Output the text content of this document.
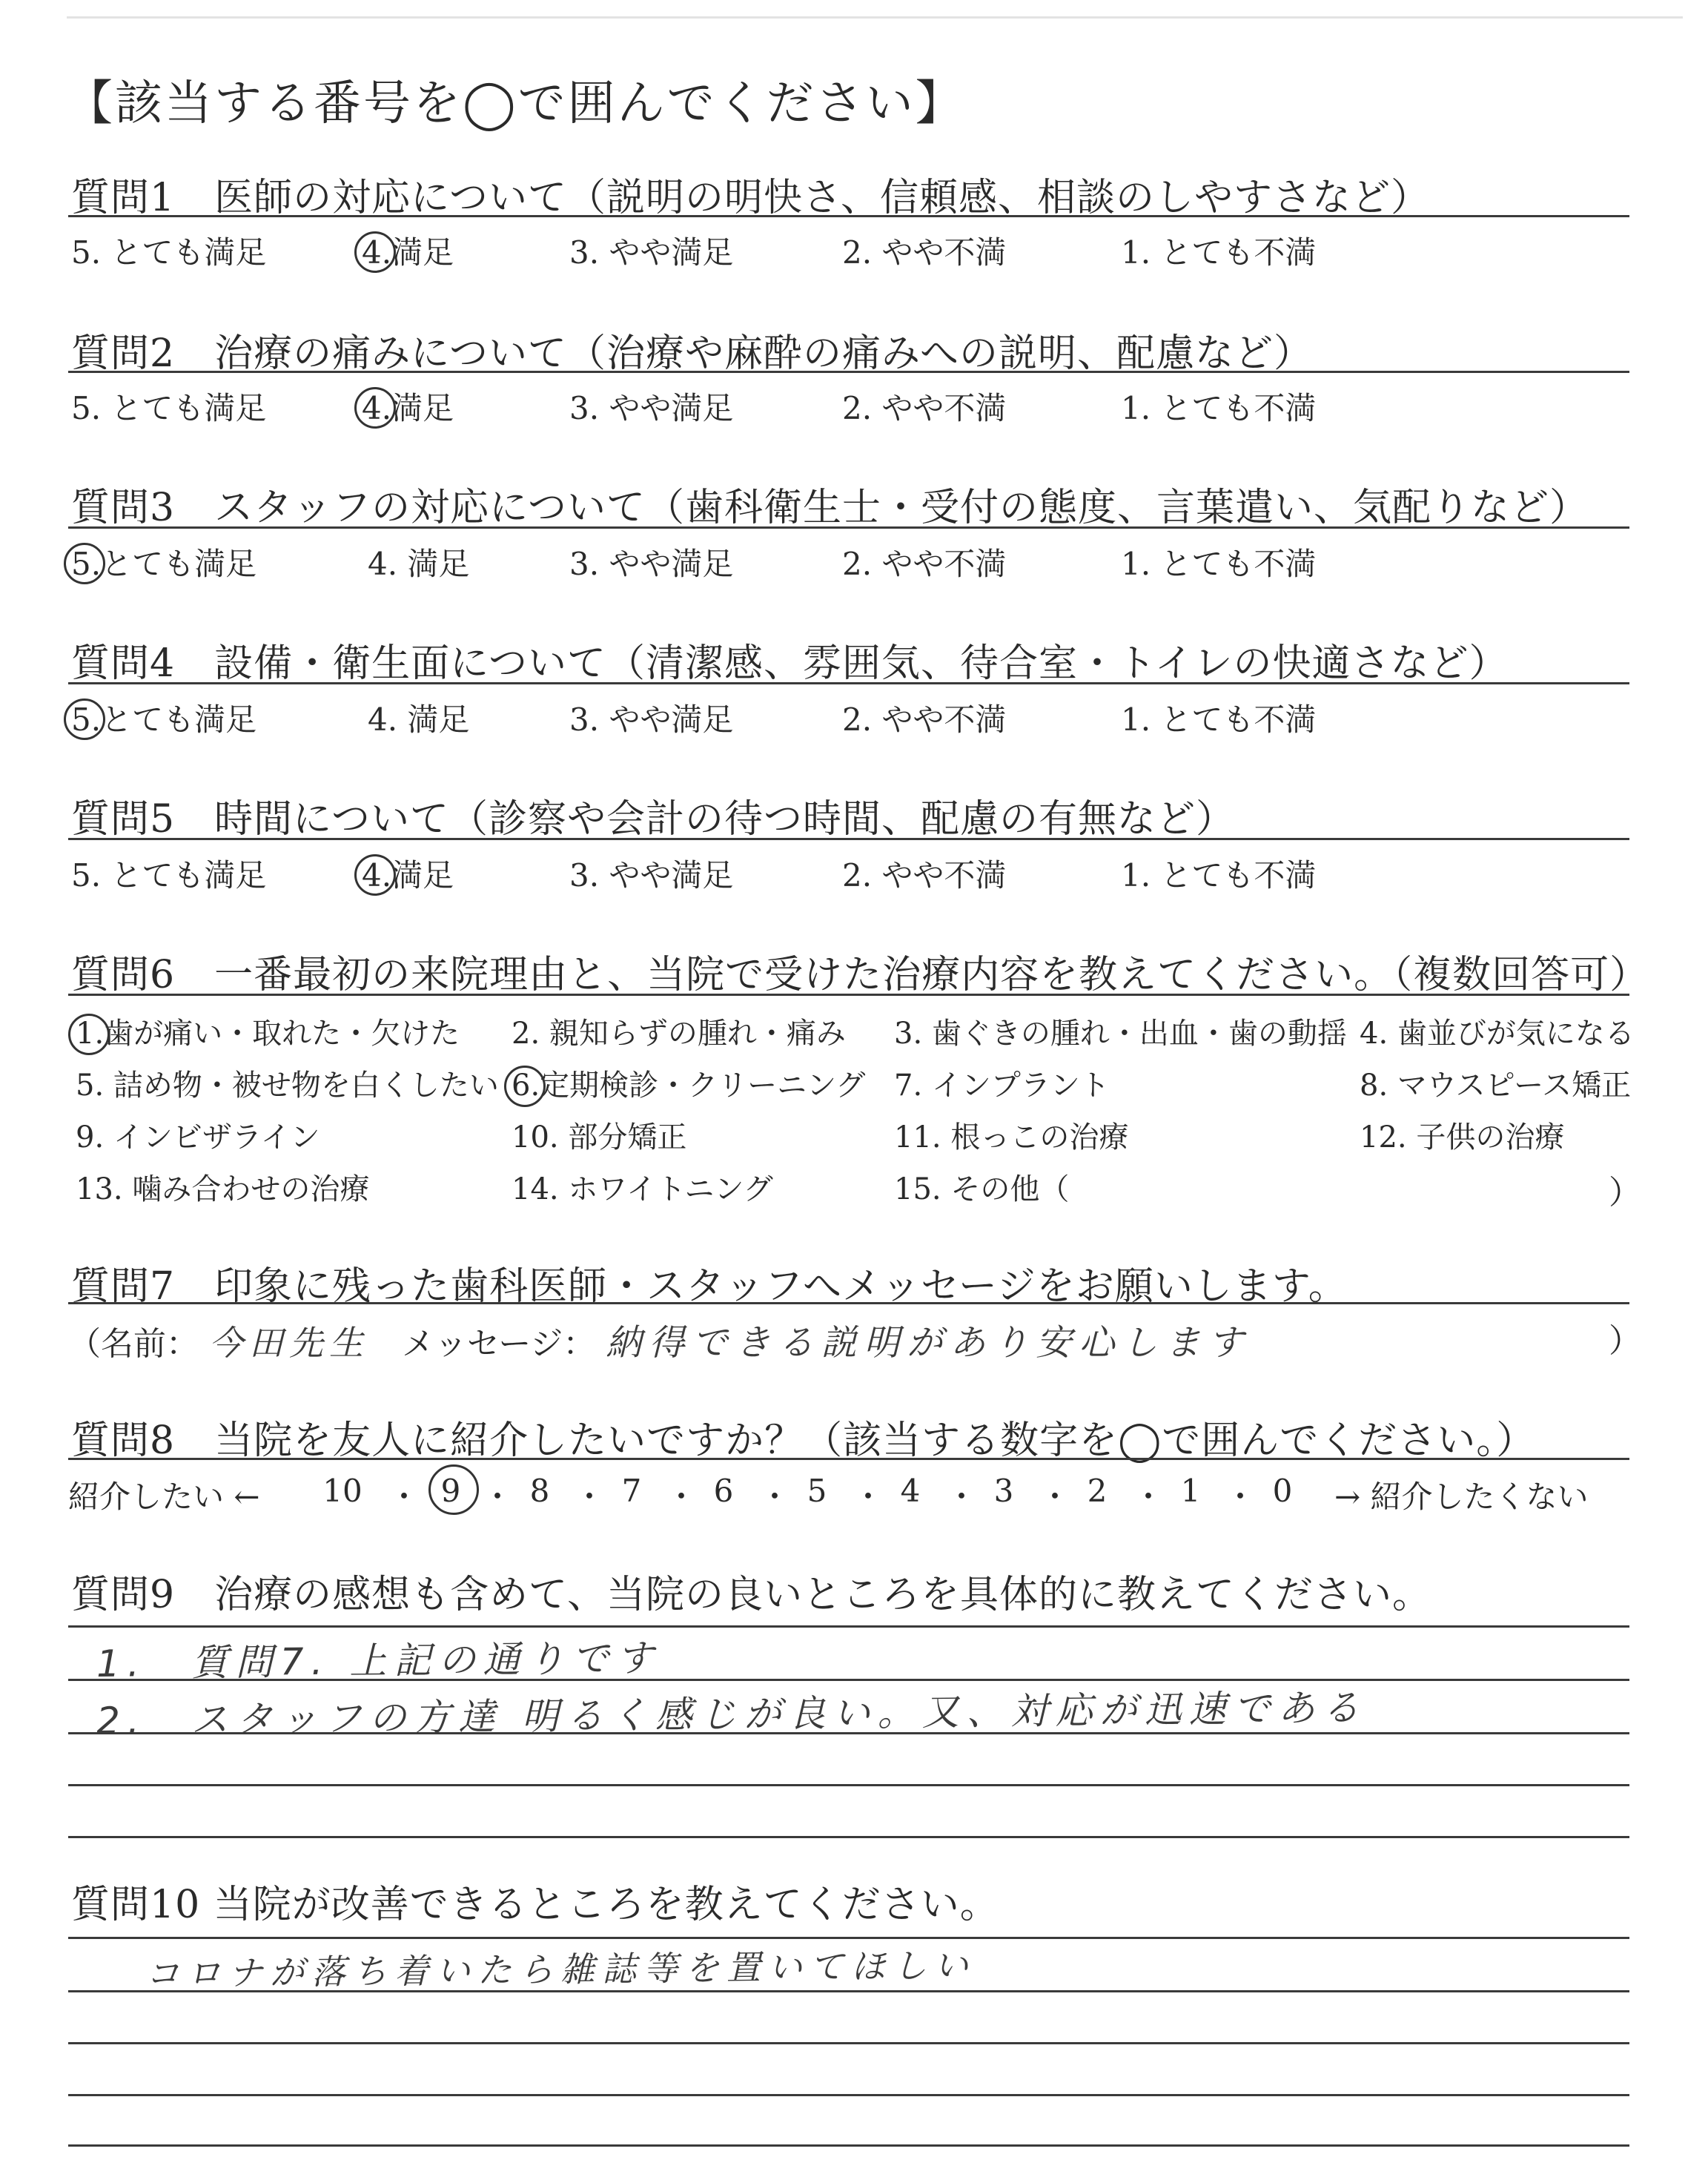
【該当する番号を◯で囲んでください】
質問1　医師の対応について（説明の明快さ、信頼感、相談のしやすさなど）
5. とても満足	4.満足	3. やや満足	2. やや不満	1. とても不満
質問2　治療の痛みについて（治療や麻酔の痛みへの説明、配慮など）
5. とても満足	4.満足	3. やや満足	2. やや不満	1. とても不満
質問3　スタッフの対応について（歯科衛生士・受付の態度、言葉遣い、気配りなど）
5.とても満足	4. 満足	3. やや満足	2. やや不満	1. とても不満
質問4　設備・衛生面について（清潔感、雰囲気、待合室・トイレの快適さなど）
5.とても満足	4. 満足	3. やや満足	2. やや不満	1. とても不満
質問5　時間について（診察や会計の待つ時間、配慮の有無など）
5. とても満足	4.満足	3. やや満足	2. やや不満	1. とても不満
質問6　一番最初の来院理由と、当院で受けた治療内容を教えてください。（複数回答可）
1.歯が痛い・取れた・欠けた 2. 親知らずの腫れ・痛み 3. 歯ぐきの腫れ・出血・歯の動揺 4. 歯並びが気になる
5. 詰め物・被せ物を白くしたい 6.定期検診・クリーニング 7. インプラント	8. マウスピース矯正
9. インビザライン	10. 部分矯正	11. 根っこの治療	12. 子供の治療
13. 噛み合わせの治療	14. ホワイトニング	15. その他（	）
質問7　印象に残った歯科医師・スタッフへメッセージをお願いします。
（名前： 今田先生 メッセージ： 納得できる説明があり安心します	）
質問8　当院を友人に紹介したいですか？（該当する数字を◯で囲んでください。）
紹介したい ← 10 ・ 9 ・ 8 ・ 7 ・ 6 ・ 5 ・ 4 ・ 3 ・ 2 ・ 1 ・ 0	→ 紹介したくない
質問9　治療の感想も含めて、当院の良いところを具体的に教えてください。
1.　質問7. 上記の通りです
2.　スタッフの方達 明るく感じが良い。又、対応が迅速である
質問10 当院が改善できるところを教えてください。
コロナが落ち着いたら雑誌等を置いてほしい
